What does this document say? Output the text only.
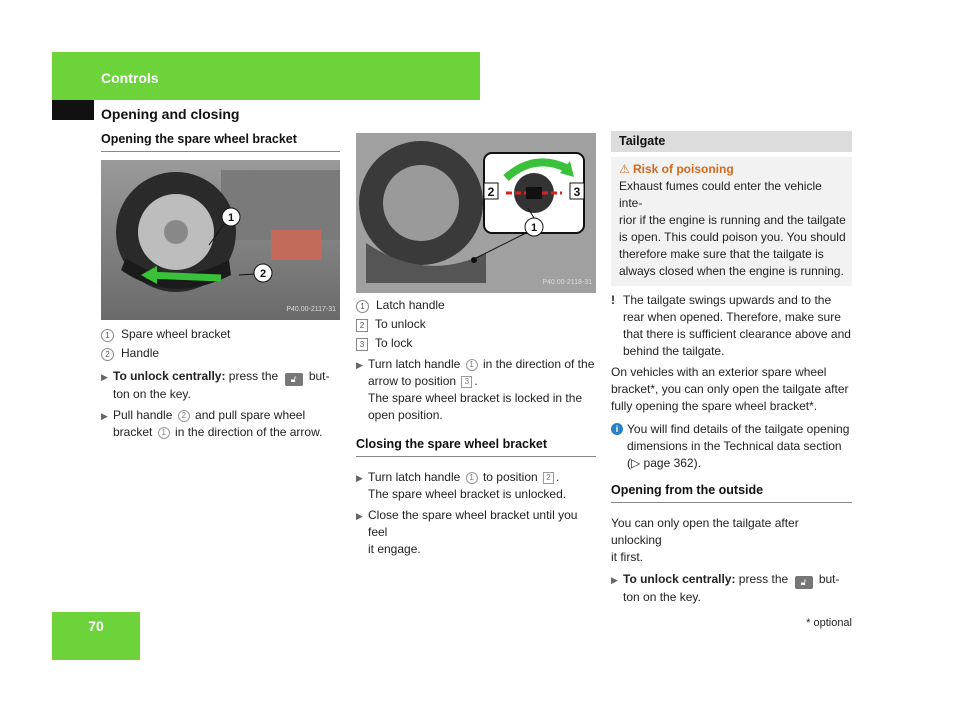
Controls
Opening and closing
Opening the spare wheel bracket
1
2
P40.00-2117-31
1 Spare wheel bracket
2 Handle
▶ To unlock centrally: press the 🔓︎ but-
ton on the key.
▶ Pull handle 2 and pull spare wheel
bracket 1 in the direction of the arrow.
2	3
1
P40.00-2118-31
1 Latch handle
2 To unlock
3 To lock
▶ Turn latch handle 1 in the direction of the
arrow to position 3 .
The spare wheel bracket is locked in the
open position.
Closing the spare wheel bracket
▶ Turn latch handle 1 to position 2 .
The spare wheel bracket is unlocked.
▶ Close the spare wheel bracket until you feel
it engage.
Tailgate
⚠ Risk of poisoning

Exhaust fumes could enter the vehicle inte-

rior if the engine is running and the tailgate

is open. This could poison you. You should

therefore make sure that the tailgate is

always closed when the engine is running.

! The tailgate swings upwards and to the

rear when opened. Therefore, make sure

that there is sufficient clearance above and

behind the tailgate.

On vehicles with an exterior spare wheel

bracket*, you can only open the tailgate after

fully opening the spare wheel bracket*.

i You will find details of the tailgate opening

dimensions in the Technical data section

(▷ page 362).

Opening from the outside

You can only open the tailgate after unlocking

it first.

▶ To unlock centrally: press the 🔓︎ but-
ton on the key.
70	* optional
